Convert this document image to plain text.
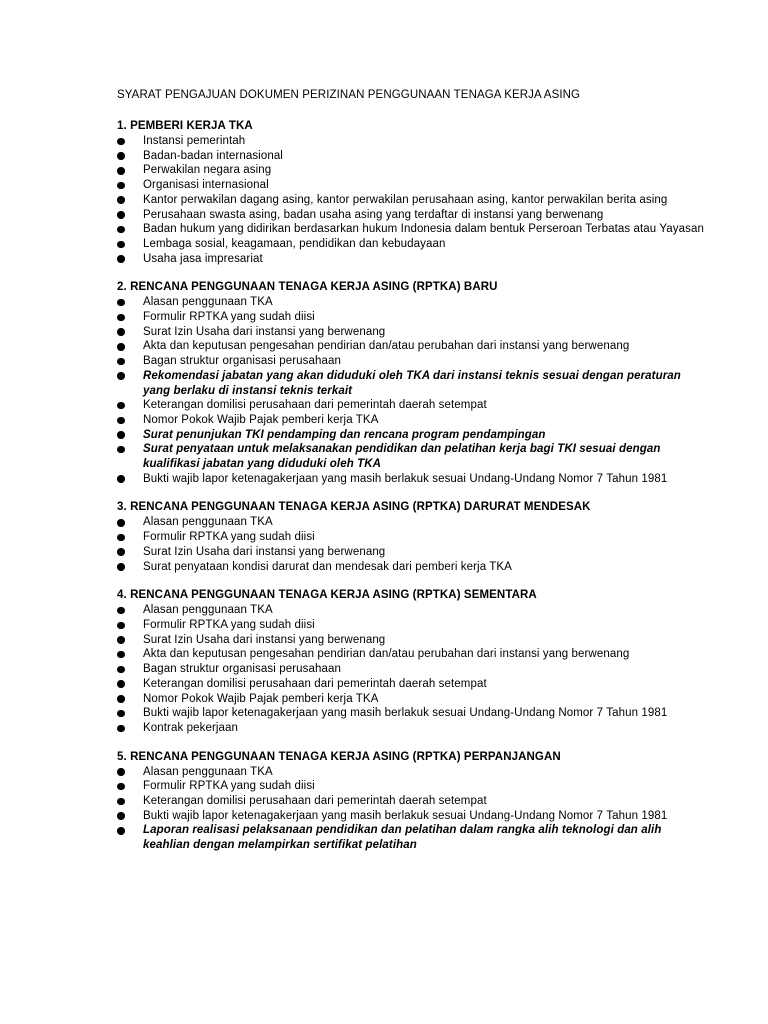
SYARAT PENGAJUAN DOKUMEN PERIZINAN PENGGUNAAN TENAGA KERJA ASING

1. PEMBERI KERJA TKA

Instansi pemerintah
Badan-badan internasional
Perwakilan negara asing
Organisasi internasional
Kantor perwakilan dagang asing, kantor perwakilan perusahaan asing, kantor perwakilan berita asing
Perusahaan swasta asing, badan usaha asing yang terdaftar di instansi yang berwenang
Badan hukum yang didirikan berdasarkan hukum Indonesia dalam bentuk Perseroan Terbatas atau Yayasan
Lembaga sosial, keagamaan, pendidikan dan kebudayaan
Usaha jasa impresariat

2. RENCANA PENGGUNAAN TENAGA KERJA ASING (RPTKA) BARU

Alasan penggunaan TKA
Formulir RPTKA yang sudah diisi
Surat Izin Usaha dari instansi yang berwenang
Akta dan keputusan pengesahan pendirian dan/atau perubahan dari instansi yang berwenang
Bagan struktur organisasi perusahaan
Rekomendasi jabatan yang akan diduduki oleh TKA dari instansi teknis sesuai dengan peraturan yang berlaku di instansi teknis terkait
Keterangan domilisi perusahaan dari pemerintah daerah setempat
Nomor Pokok Wajib Pajak pemberi kerja TKA
Surat penunjukan TKI pendamping dan rencana program pendampingan
Surat penyataan untuk melaksanakan pendidikan dan pelatihan kerja bagi TKI sesuai dengan kualifikasi jabatan yang diduduki oleh TKA
Bukti wajib lapor ketenagakerjaan yang masih berlakuk sesuai Undang-Undang Nomor 7 Tahun 1981

3. RENCANA PENGGUNAAN TENAGA KERJA ASING (RPTKA) DARURAT MENDESAK

Alasan penggunaan TKA
Formulir RPTKA yang sudah diisi
Surat Izin Usaha dari instansi yang berwenang
Surat penyataan kondisi darurat dan mendesak dari pemberi kerja TKA

4. RENCANA PENGGUNAAN TENAGA KERJA ASING (RPTKA) SEMENTARA

Alasan penggunaan TKA
Formulir RPTKA yang sudah diisi
Surat Izin Usaha dari instansi yang berwenang
Akta dan keputusan pengesahan pendirian dan/atau perubahan dari instansi yang berwenang
Bagan struktur organisasi perusahaan
Keterangan domilisi perusahaan dari pemerintah daerah setempat
Nomor Pokok Wajib Pajak pemberi kerja TKA
Bukti wajib lapor ketenagakerjaan yang masih berlakuk sesuai Undang-Undang Nomor 7 Tahun 1981
Kontrak pekerjaan

5. RENCANA PENGGUNAAN TENAGA KERJA ASING (RPTKA) PERPANJANGAN

Alasan penggunaan TKA
Formulir RPTKA yang sudah diisi
Keterangan domilisi perusahaan dari pemerintah daerah setempat
Bukti wajib lapor ketenagakerjaan yang masih berlakuk sesuai Undang-Undang Nomor 7 Tahun 1981
Laporan realisasi pelaksanaan pendidikan dan pelatihan dalam rangka alih teknologi dan alih keahlian dengan melampirkan sertifikat pelatihan
